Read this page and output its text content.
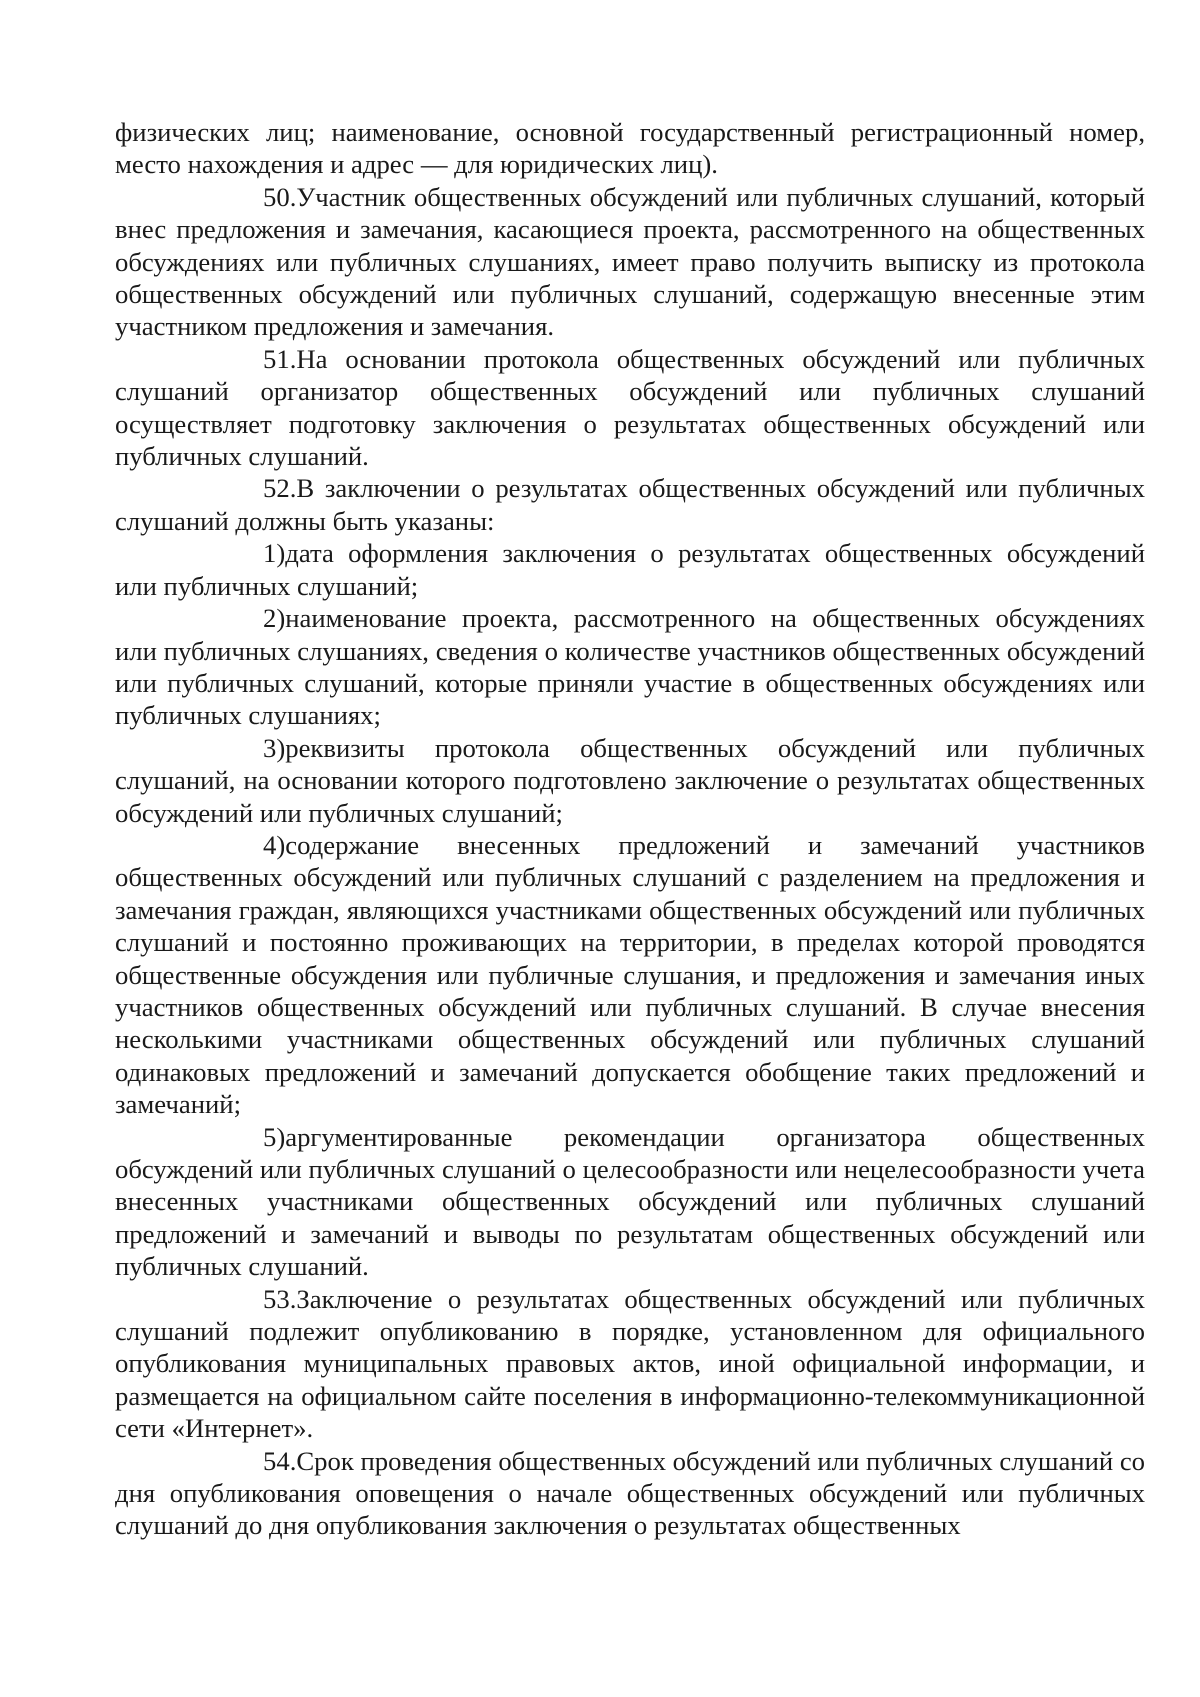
физических лиц; наименование, основной государственный регистрационный номер, место нахождения и адрес — для юридических лиц).

50.Участник общественных обсуждений или публичных слушаний, который внес предложения и замечания, касающиеся проекта, рассмотренного на общественных обсуждениях или публичных слушаниях, имеет право получить выписку из протокола общественных обсуждений или публичных слушаний, содержащую внесенные этим участником предложения и замечания.

51.На основании протокола общественных обсуждений или публичных слушаний организатор общественных обсуждений или публичных слушаний осуществляет подготовку заключения о результатах общественных обсуждений или публичных слушаний.

52.В заключении о результатах общественных обсуждений или публичных слушаний должны быть указаны:

1)дата оформления заключения о результатах общественных обсуждений или публичных слушаний;

2)наименование проекта, рассмотренного на общественных обсуждениях или публичных слушаниях, сведения о количестве участников общественных обсуждений или публичных слушаний, которые приняли участие в общественных обсуждениях или публичных слушаниях;

3)реквизиты протокола общественных обсуждений или публичных слушаний, на основании которого подготовлено заключение о результатах общественных обсуждений или публичных слушаний;

4)содержание внесенных предложений и замечаний участников общественных обсуждений или публичных слушаний с разделением на предложения и замечания граждан, являющихся участниками общественных обсуждений или публичных слушаний и постоянно проживающих на территории, в пределах которой проводятся общественные обсуждения или публичные слушания, и предложения и замечания иных участников общественных обсуждений или публичных слушаний. В случае внесения несколькими участниками общественных обсуждений или публичных слушаний одинаковых предложений и замечаний допускается обобщение таких предложений и замечаний;

5)аргументированные рекомендации организатора общественных обсуждений или публичных слушаний о целесообразности или нецелесообразности учета внесенных участниками общественных обсуждений или публичных слушаний предложений и замечаний и выводы по результатам общественных обсуждений или публичных слушаний.

53.Заключение о результатах общественных обсуждений или публичных слушаний подлежит опубликованию в порядке, установленном для официального опубликования муниципальных правовых актов, иной официальной информации, и размещается на официальном сайте поселения в информационно-телекоммуникационной сети «Интернет».

54.Срок проведения общественных обсуждений или публичных слушаний со дня опубликования оповещения о начале общественных обсуждений или публичных слушаний до дня опубликования заключения о результатах общественных
